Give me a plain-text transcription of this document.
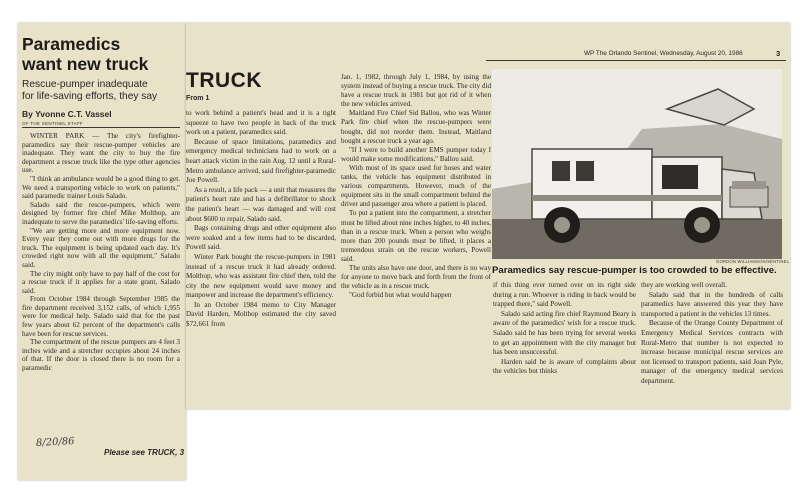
Paramedics
want new truck
Rescue-pumper inadequate
for life-saving efforts, they say
By Yvonne C.T. Vassel
OF THE SENTINEL STAFF

WINTER PARK — The city's firefighter-paramedics say their rescue-pumper vehicles are inadequate. They want the city to buy the fire department a rescue truck like the type other agencies use.

"I think an ambulance would be a good thing to get. We need a transporting vehicle to work on patients," said paramedic trainer Louis Salado.

Salado said the rescue-pumpers, which were designed by former fire chief Mike Molthop, are inadequate to serve the paramedics' life-saving efforts.

"We are getting more and more equipment now. Every year they come out with more drugs for the truck. The equipment is being updated each day. It's crowded right now with all the equipment," Salado said.

The city might only have to pay half of the cost for a rescue truck if it applies for a state grant, Salado said.

From October 1984 through September 1985 the fire department received 3,152 calls, of which 1,955 were for medical help. Salado said that for the past few years about 62 percent of the department's calls have been for rescue services.

The compartment of the rescue pumpers are 4 feet 3 inches wide and a stretcher occupies about 24 inches of that. If the door is closed there is no room for a paramedic

Please see TRUCK, 3
8/20/86
WP The Orlando Sentinel, Wednesday, August 20, 1986	3
TRUCK
From 1

to work behind a patient's head and it is a tight squeeze to have two people in back of the truck work on a patient, paramedics said.

Because of space limitations, paramedics and emergency medical technicians had to work on a heart attack victim in the rain Aug. 12 until a Rural-Metro ambulance arrived, said firefighter-paramedic Joe Powell.

As a result, a life pack — a unit that measures the patient's heart rate and has a defibrillator to shock the patient's heart — was damaged and will cost about $600 to repair, Salado said.

Bags containing drugs and other equipment also were soaked and a few items had to be discarded, Powell said.

Winter Park bought the rescue-pumpers in 1981 instead of a rescue truck it had already ordered. Molthop, who was assistant fire chief then, told the city the new equipment would save money and manpower and increase the department's efficiency.

In an October 1984 memo to City Manager David Harden, Molthop estimated the city saved $72,661 from

Jan. 1, 1982, through July 1, 1984, by using the system instead of buying a rescue truck. The city did have a rescue truck in 1981 but got rid of it when the new vehicles arrived.

Maitland Fire Chief Sid Ballou, who was Winter Park fire chief when the rescue-pumpers were bought, did not reorder them. Instead, Maitland bought a rescue truck a year ago.

"If I were to build another EMS pumper today I would make some modifications," Ballou said.

With most of its space used for hoses and water tanks, the vehicle has equipment distributed in various compartments. However, much of the equipment sits in the small compartment behind the driver and passenger area where a patient is placed.

To put a patient into the compartment, a stretcher must be lifted about nine inches higher, to 40 inches, than in a rescue truck. When a person who weighs more than 200 pounds must be lifted, it places a tremendous strain on the rescue workers, Powell said.

The units also have one door, and there is no way for anyone to move back and forth from the front of the vehicle as in a rescue truck.

"God forbid but what would happen

GORDON WILLIAMSON/SENTINEL
Paramedics say rescue-pumper is too crowded to be effective.

if this thing ever turned over on its right side during a run. Whoever is riding in back would be trapped there," said Powell.

Salado said acting fire chief Raymond Beary is aware of the paramedics' wish for a rescue truck. Salado said he has been trying for several weeks to get an appointment with the city manager but has been unsuccessful.

Harden said he is aware of complaints about the vehicles but thinks

they are working well overall.

Salado said that in the hundreds of calls paramedics have answered this year they have transported a patient in the vehicles 13 times.

Because of the Orange County Department of Emergency Medical Services contracts with Rural-Metro that number is not expected to increase because municipal rescue services are not licensed to transport patients, said Joan Pyle, manager of the emergency medical services department.
